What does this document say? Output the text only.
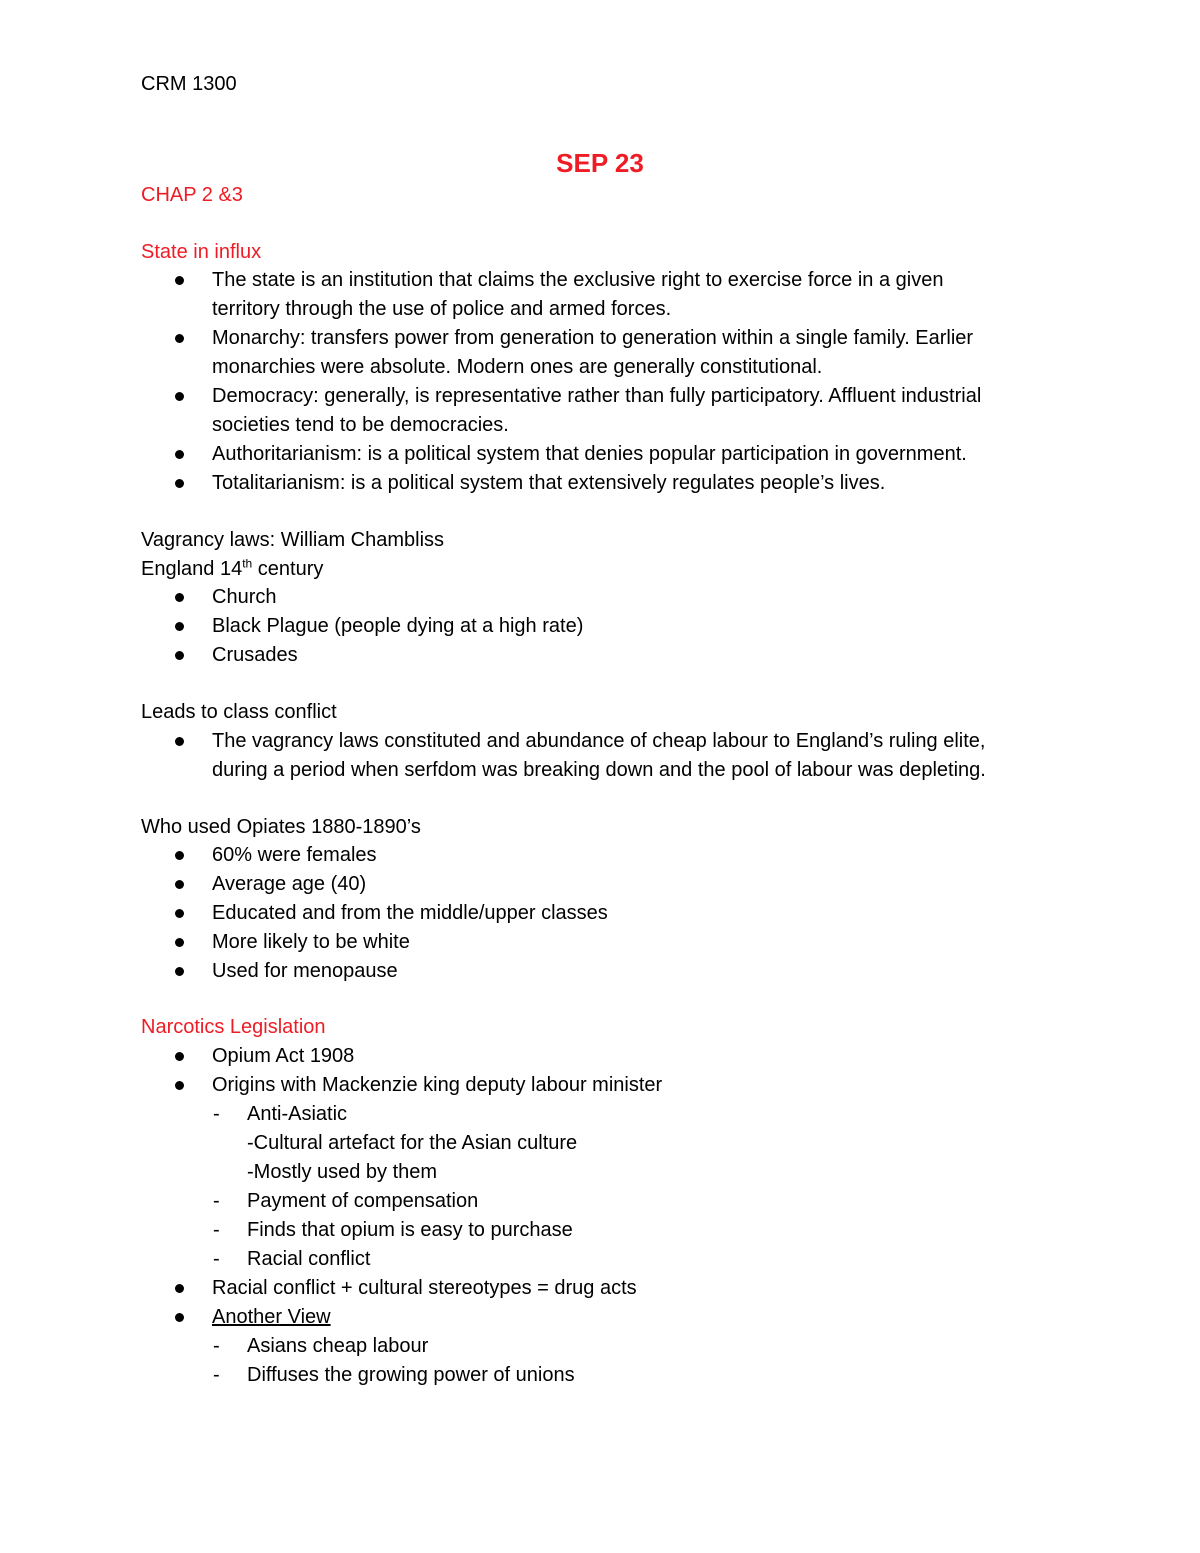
CRM 1300
SEP 23
CHAP 2 &3
State in influx
The state is an institution that claims the exclusive right to exercise force in a given
territory through the use of police and armed forces.
Monarchy: transfers power from generation to generation within a single family. Earlier
monarchies were absolute. Modern ones are generally constitutional.
Democracy: generally, is representative rather than fully participatory. Affluent industrial
societies tend to be democracies.
Authoritarianism: is a political system that denies popular participation in government.
Totalitarianism: is a political system that extensively regulates people’s lives.
Vagrancy laws: William Chambliss
England 14th century
Church
Black Plague (people dying at a high rate)
Crusades
Leads to class conflict
The vagrancy laws constituted and abundance of cheap labour to England’s ruling elite,
during a period when serfdom was breaking down and the pool of labour was depleting.
Who used Opiates 1880-1890’s
60% were females
Average age (40)
Educated and from the middle/upper classes
More likely to be white
Used for menopause
Narcotics Legislation
Opium Act 1908
Origins with Mackenzie king deputy labour minister
- Anti-Asiatic
-Cultural artefact for the Asian culture
-Mostly used by them
- Payment of compensation
- Finds that opium is easy to purchase
- Racial conflict
Racial conflict + cultural stereotypes = drug acts
Another View
- Asians cheap labour
- Diffuses the growing power of unions
